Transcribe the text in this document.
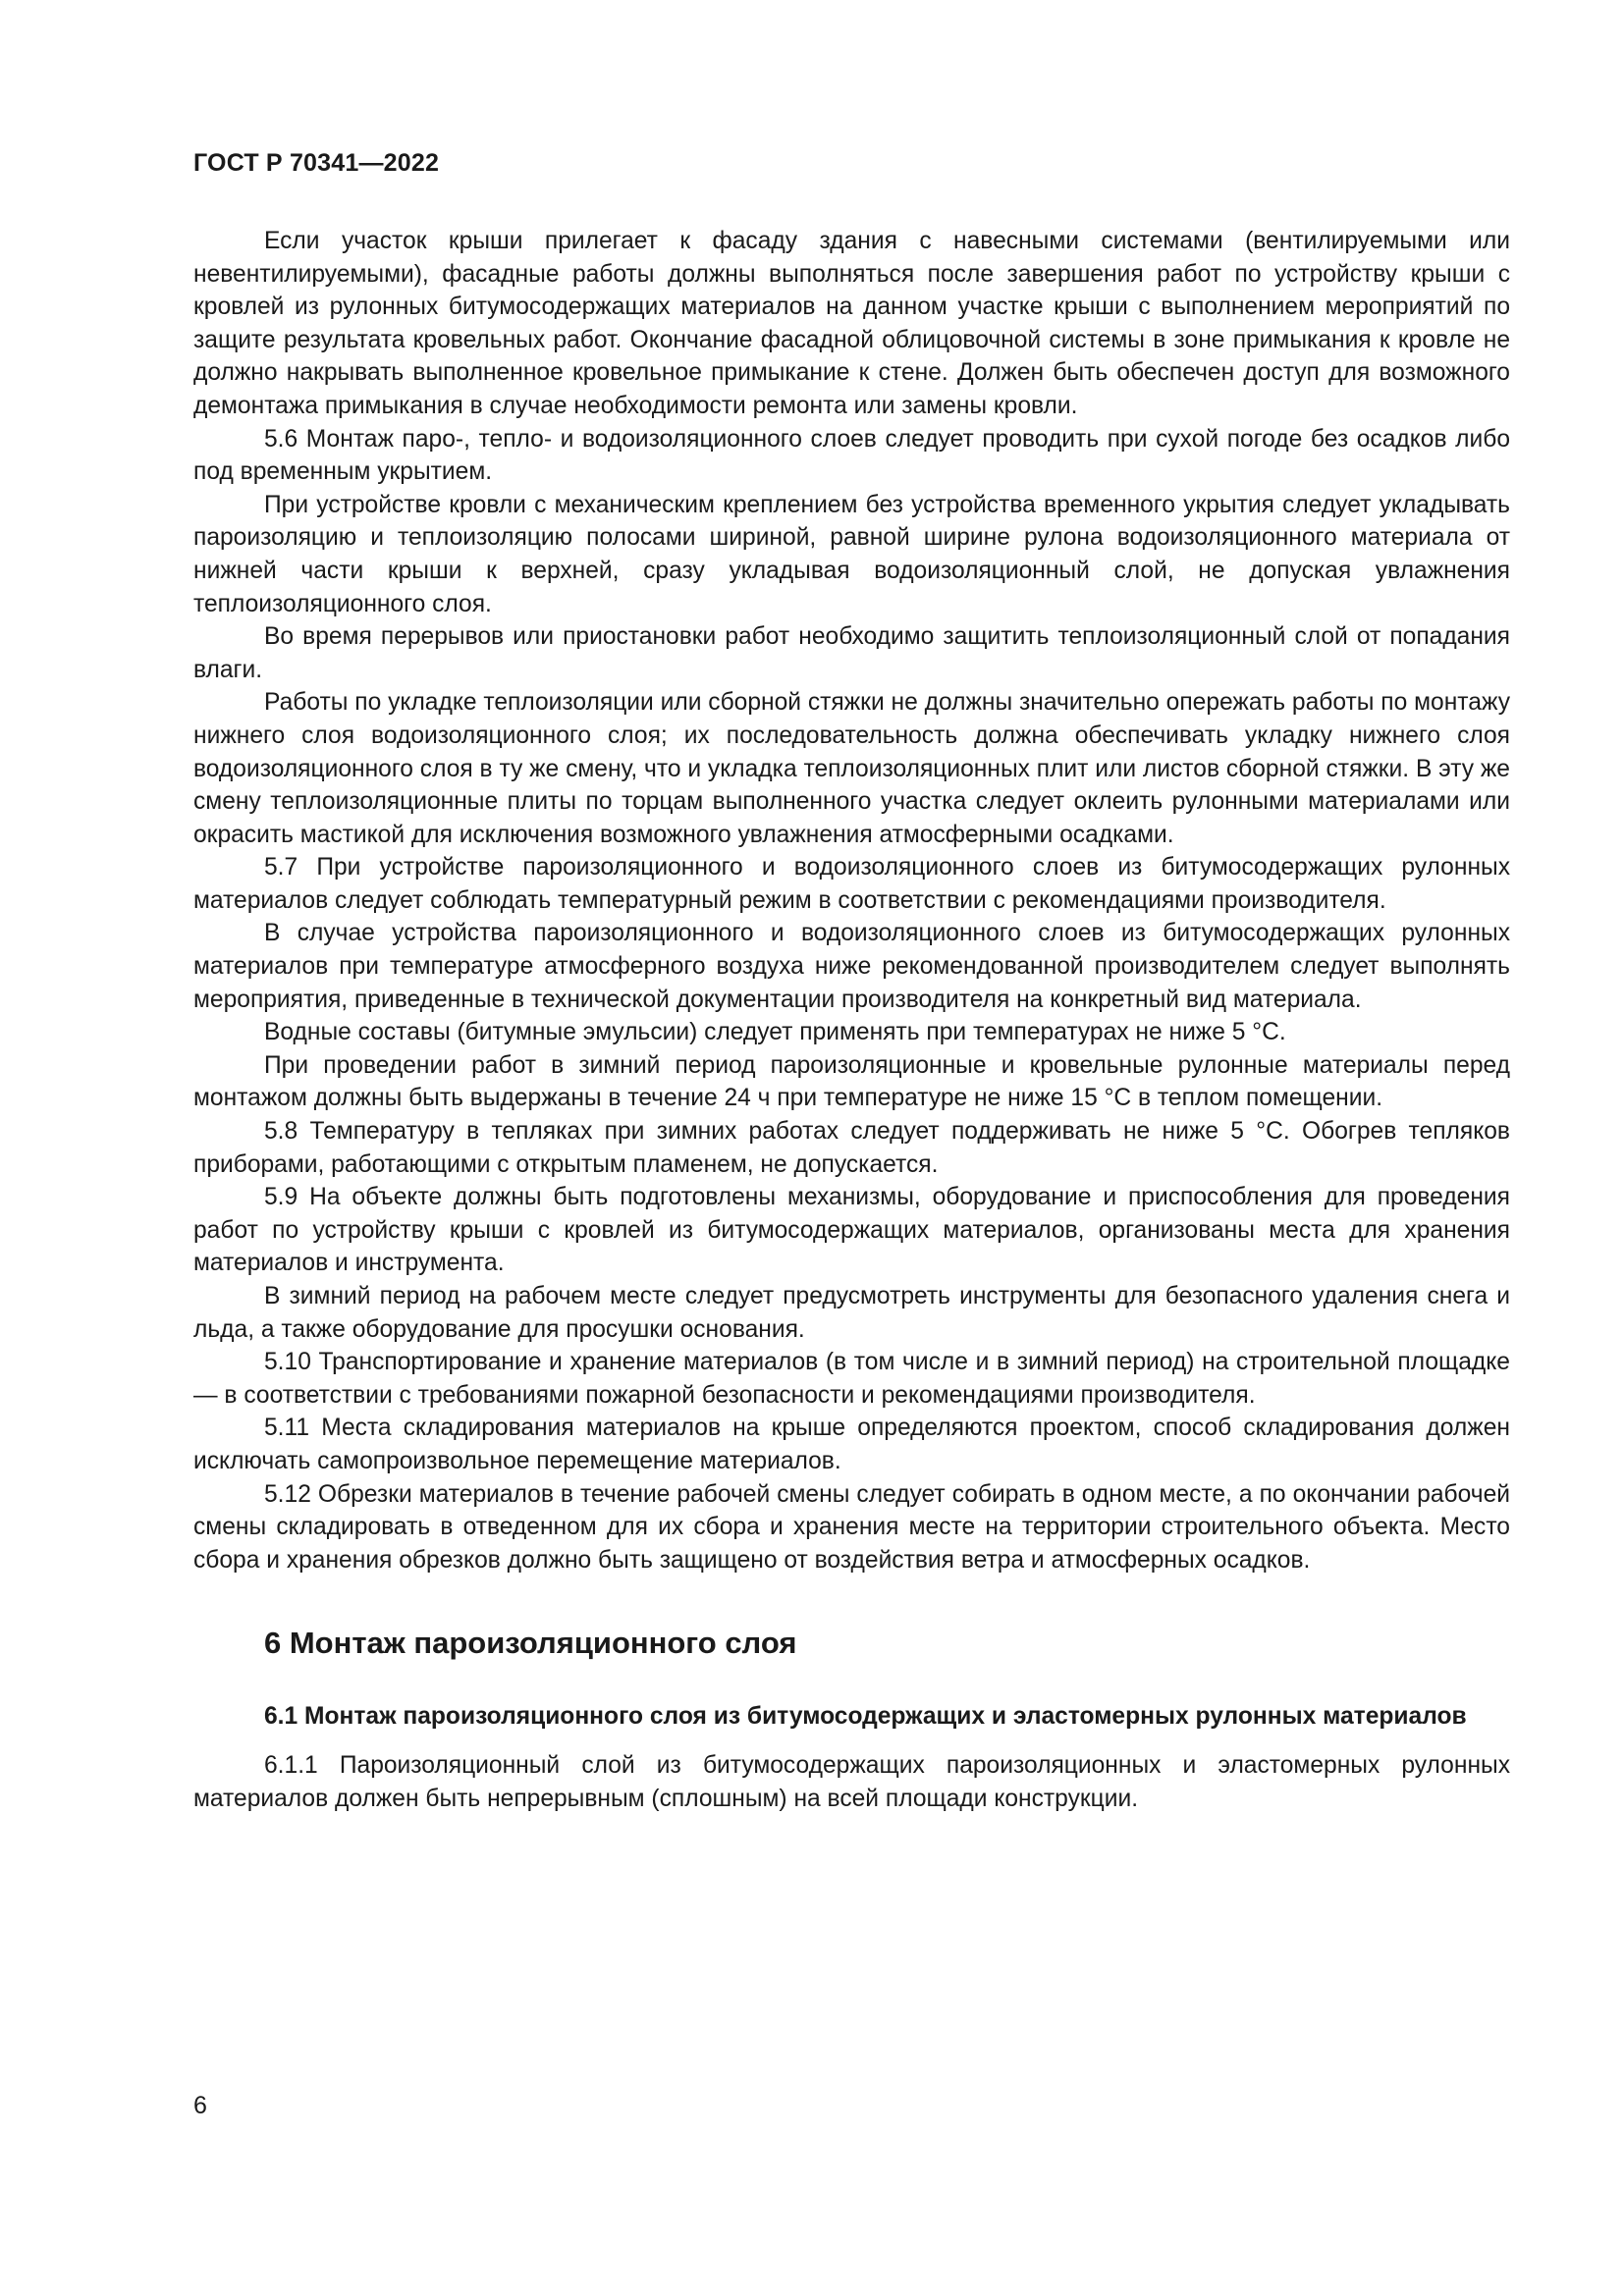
ГОСТ Р 70341—2022

Если участок крыши прилегает к фасаду здания с навесными системами (вентилируемыми или невентилируемыми), фасадные работы должны выполняться после завершения работ по устройству крыши с кровлей из рулонных битумосодержащих материалов на данном участке крыши с выполнением мероприятий по защите результата кровельных работ. Окончание фасадной облицовочной системы в зоне примыкания к кровле не должно накрывать выполненное кровельное примыкание к стене. Должен быть обеспечен доступ для возможного демонтажа примыкания в случае необходимости ремонта или замены кровли.

5.6 Монтаж паро-, тепло- и водоизоляционного слоев следует проводить при сухой погоде без осадков либо под временным укрытием.

При устройстве кровли с механическим креплением без устройства временного укрытия следует укладывать пароизоляцию и теплоизоляцию полосами шириной, равной ширине рулона водоизоляционного материала от нижней части крыши к верхней, сразу укладывая водоизоляционный слой, не допуская увлажнения теплоизоляционного слоя.

Во время перерывов или приостановки работ необходимо защитить теплоизоляционный слой от попадания влаги.

Работы по укладке теплоизоляции или сборной стяжки не должны значительно опережать работы по монтажу нижнего слоя водоизоляционного слоя; их последовательность должна обеспечивать укладку нижнего слоя водоизоляционного слоя в ту же смену, что и укладка теплоизоляционных плит или листов сборной стяжки. В эту же смену теплоизоляционные плиты по торцам выполненного участка следует оклеить рулонными материалами или окрасить мастикой для исключения возможного увлажнения атмосферными осадками.

5.7 При устройстве пароизоляционного и водоизоляционного слоев из битумосодержащих рулонных материалов следует соблюдать температурный режим в соответствии с рекомендациями производителя.

В случае устройства пароизоляционного и водоизоляционного слоев из битумосодержащих рулонных материалов при температуре атмосферного воздуха ниже рекомендованной производителем следует выполнять мероприятия, приведенные в технической документации производителя на конкретный вид материала.

Водные составы (битумные эмульсии) следует применять при температурах не ниже 5 °С.

При проведении работ в зимний период пароизоляционные и кровельные рулонные материалы перед монтажом должны быть выдержаны в течение 24 ч при температуре не ниже 15 °С в теплом помещении.

5.8 Температуру в тепляках при зимних работах следует поддерживать не ниже 5 °С. Обогрев тепляков приборами, работающими с открытым пламенем, не допускается.

5.9 На объекте должны быть подготовлены механизмы, оборудование и приспособления для проведения работ по устройству крыши с кровлей из битумосодержащих материалов, организованы места для хранения материалов и инструмента.

В зимний период на рабочем месте следует предусмотреть инструменты для безопасного удаления снега и льда, а также оборудование для просушки основания.

5.10 Транспортирование и хранение материалов (в том числе и в зимний период) на строительной площадке — в соответствии с требованиями пожарной безопасности и рекомендациями производителя.

5.11 Места складирования материалов на крыше определяются проектом, способ складирования должен исключать самопроизвольное перемещение материалов.

5.12 Обрезки материалов в течение рабочей смены следует собирать в одном месте, а по окончании рабочей смены складировать в отведенном для их сбора и хранения месте на территории строительного объекта. Место сбора и хранения обрезков должно быть защищено от воздействия ветра и атмосферных осадков.

6 Монтаж пароизоляционного слоя
6.1 Монтаж пароизоляционного слоя из битумосодержащих и эластомерных рулонных материалов

6.1.1 Пароизоляционный слой из битумосодержащих пароизоляционных и эластомерных рулонных материалов должен быть непрерывным (сплошным) на всей площади конструкции.

6
